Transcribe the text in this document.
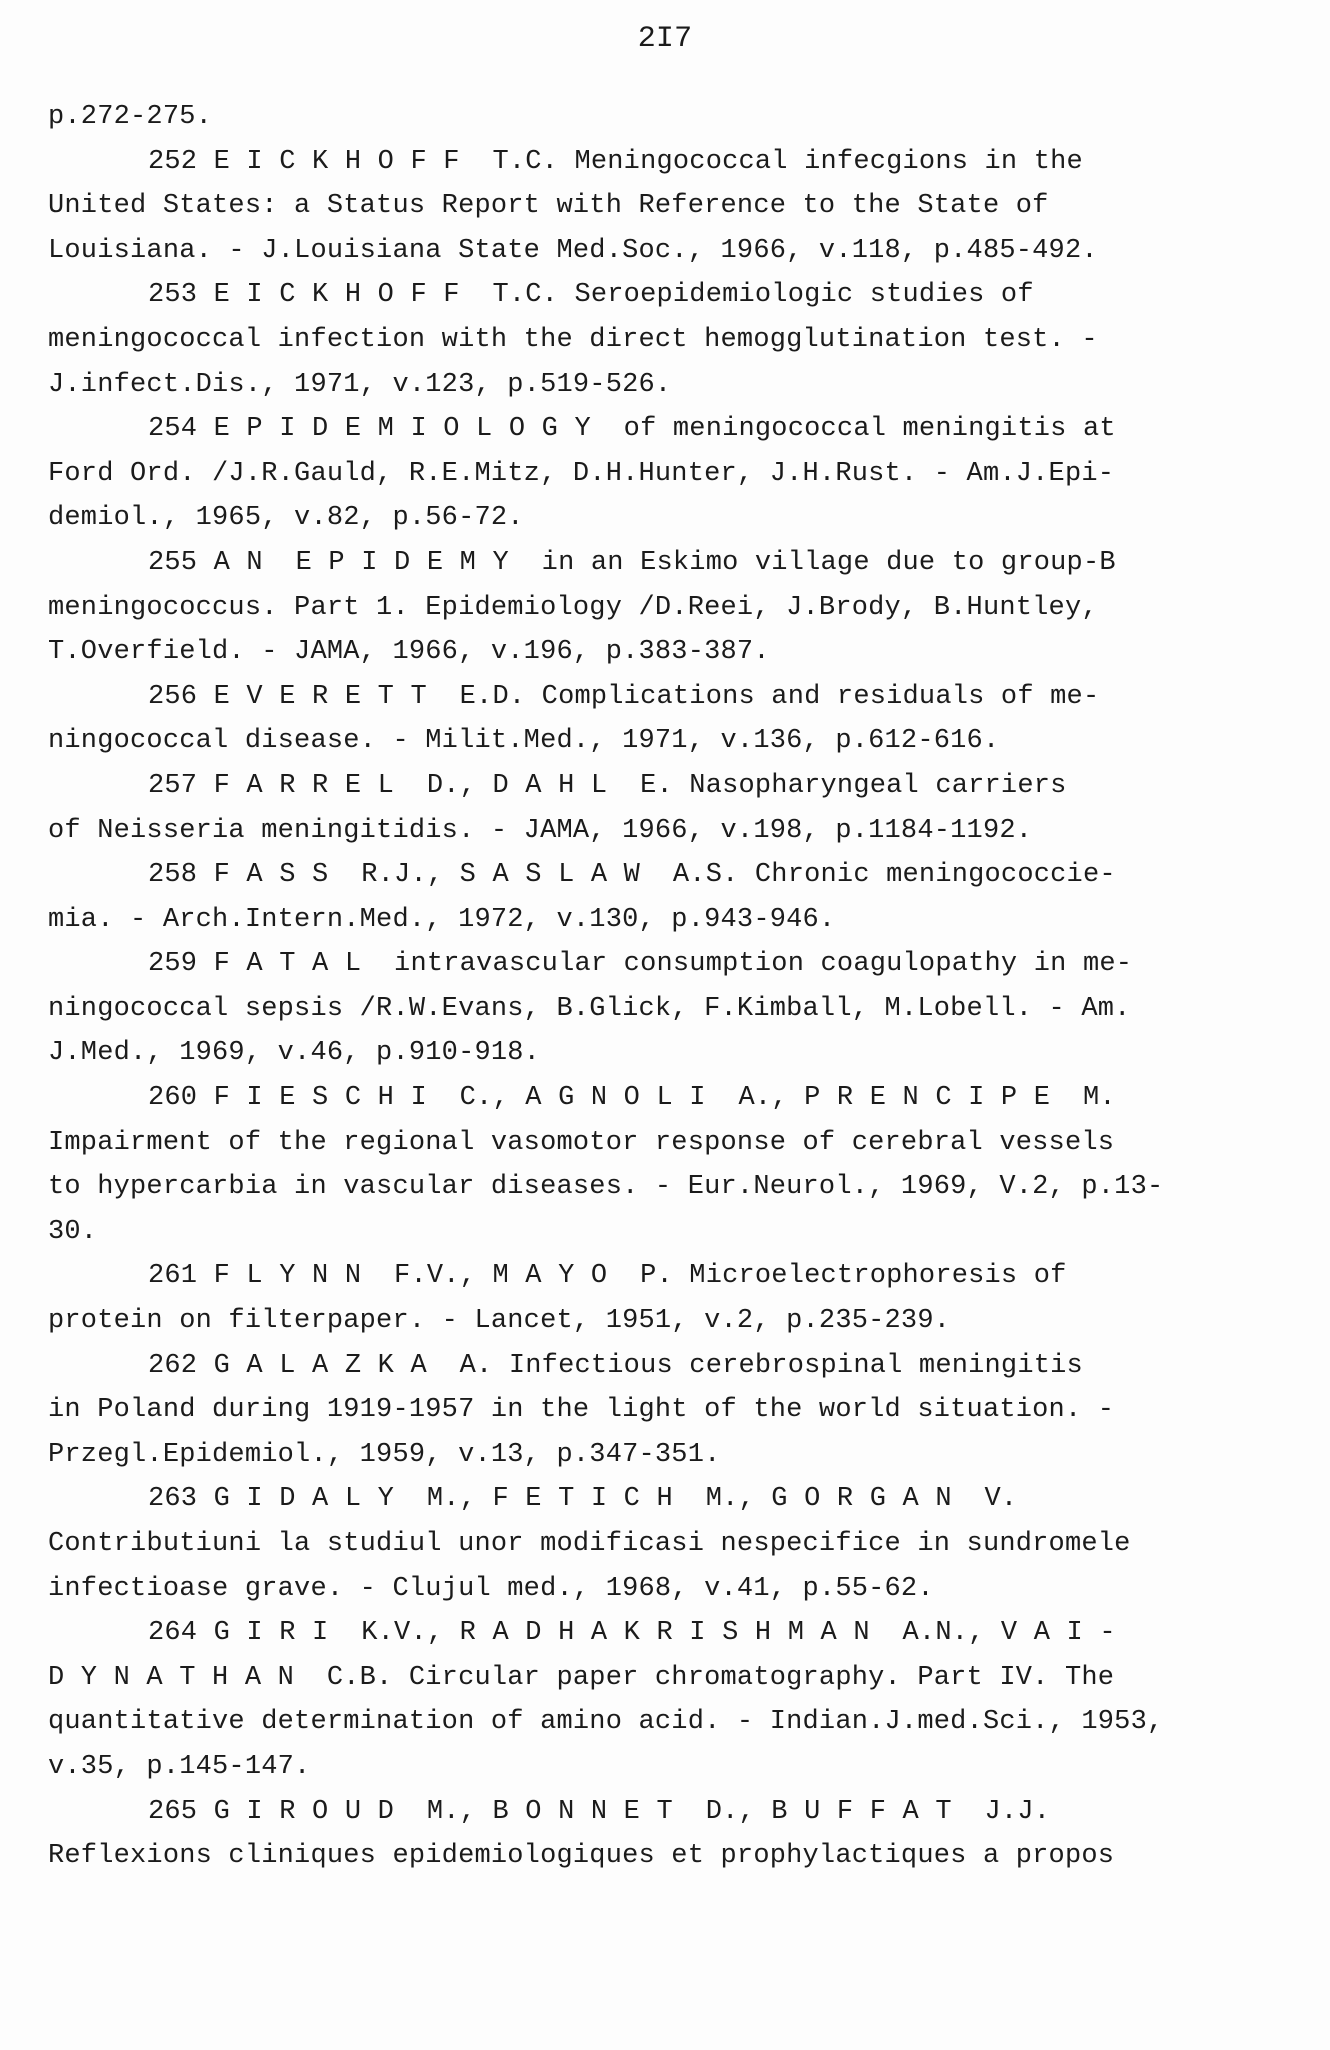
2I7
p.272-275.
252 E I C K H O F F  T.C. Meningococcal infecgions in the
United States: a Status Report with Reference to the State of
Louisiana. - J.Louisiana State Med.Soc., 1966, v.118, p.485-492.
253 E I C K H O F F  T.C. Seroepidemiologic studies of
meningococcal infection with the direct hemogglutination test. -
J.infect.Dis., 1971, v.123, p.519-526.
254 E P I D E M I O L O G Y  of meningococcal meningitis at
Ford Ord. /J.R.Gauld, R.E.Mitz, D.H.Hunter, J.H.Rust. - Am.J.Epi-
demiol., 1965, v.82, p.56-72.
255 A N  E P I D E M Y  in an Eskimo village due to group-B
meningococcus. Part 1. Epidemiology /D.Reei, J.Brody, B.Huntley,
T.Overfield. - JAMA, 1966, v.196, p.383-387.
256 E V E R E T T  E.D. Complications and residuals of me-
ningococcal disease. - Milit.Med., 1971, v.136, p.612-616.
257 F A R R E L  D., D A H L  E. Nasopharyngeal carriers
of Neisseria meningitidis. - JAMA, 1966, v.198, p.1184-1192.
258 F A S S  R.J., S A S L A W  A.S. Chronic meningococcie-
mia. - Arch.Intern.Med., 1972, v.130, p.943-946.
259 F A T A L  intravascular consumption coagulopathy in me-
ningococcal sepsis /R.W.Evans, B.Glick, F.Kimball, M.Lobell. - Am.
J.Med., 1969, v.46, p.910-918.
260 F I E S C H I  C., A G N O L I  A., P R E N C I P E  M.
Impairment of the regional vasomotor response of cerebral vessels
to hypercarbia in vascular diseases. - Eur.Neurol., 1969, V.2, p.13-
30.
261 F L Y N N  F.V., M A Y O  P. Microelectrophoresis of
protein on filterpaper. - Lancet, 1951, v.2, p.235-239.
262 G A L A Z K A  A. Infectious cerebrospinal meningitis
in Poland during 1919-1957 in the light of the world situation. -
Przegl.Epidemiol., 1959, v.13, p.347-351.
263 G I D A L Y  M., F E T I C H  M., G O R G A N  V.
Contributiuni la studiul unor modificasi nespecifice in sundromele
infectioase grave. - Clujul med., 1968, v.41, p.55-62.
264 G I R I  K.V., R A D H A K R I S H M A N  A.N., V A I -
D Y N A T H A N  C.B. Circular paper chromatography. Part IV. The
quantitative determination of amino acid. - Indian.J.med.Sci., 1953,
v.35, p.145-147.
265 G I R O U D  M., B O N N E T  D., B U F F A T  J.J.
Reflexions cliniques epidemiologiques et prophylactiques a propos
